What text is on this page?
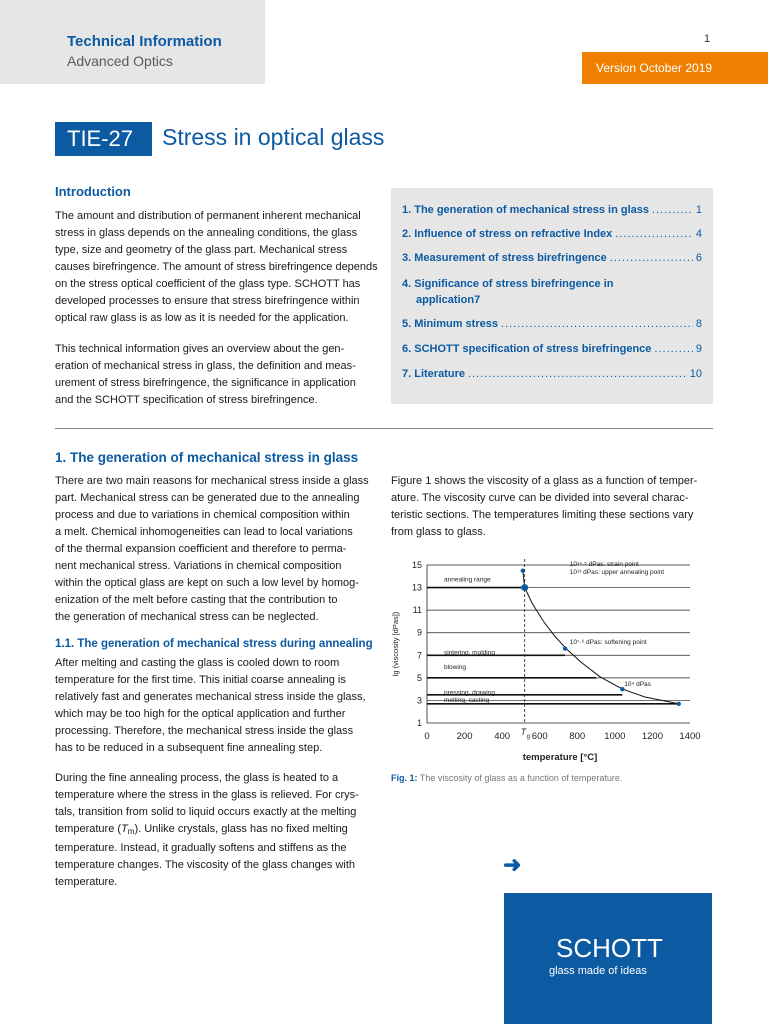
Technical Information
Advanced Optics
1
Version October 2019
TIE-27	Stress in optical glass
Introduction
The amount and distribution of permanent inherent mechanical
stress in glass depends on the annealing conditions, the glass
type, size and geometry of the glass part. Mechanical stress
causes birefringence. The amount of stress birefringence depends
on the stress optical coefficient of the glass type. SCHOTT has
developed processes to ensure that stress birefringence within
optical raw glass is as low as it is needed for the application.
This technical information gives an overview about the gen-
eration of mechanical stress in glass, the definition and meas-
urement of stress birefringence, the significance in application
and the SCHOTT specification of stress birefringence.
1. The generation of mechanical stress in glass .....	1
2. Influence of stress on refractive Index .....	4
3. Measurement of stress birefringence .....	6
4. Significance of stress birefringence in
application 7
5. Minimum stress .....	8
6. SCHOTT specification of stress birefringence .....	9
7. Literature .....	10
1. The generation of mechanical stress in glass
There are two main reasons for mechanical stress inside a glass
part. Mechanical stress can be generated due to the annealing
process and due to variations in chemical composition within
a melt. Chemical inhomogeneities can lead to local variations
of the thermal expansion coefficient and therefore to perma-
nent mechanical stress. Variations in chemical composition
within the optical glass are kept on such a low level by homog-
enization of the melt before casting that the contribution to
the generation of mechanical stress can be neglected.
1.1. The generation of mechanical stress during annealing
After melting and casting the glass is cooled down to room
temperature for the first time. This initial coarse annealing is
relatively fast and generates mechanical stress inside the glass,
which may be too high for the optical application and further
processing. Therefore, the mechanical stress inside the glass
has to be reduced in a subsequent fine annealing step.
During the fine annealing process, the glass is heated to a
temperature where the stress in the glass is relieved. For crys-
tals, transition from solid to liquid occurs exactly at the melting
temperature $(T_m)$. Unlike crystals, glass has no fixed melting
temperature. Instead, it gradually softens and stiffens as the
temperature changes. The viscosity of the glass changes with
temperature.
Figure 1 shows the viscosity of a glass as a function of temper-
ature. The viscosity curve can be divided into several charac-
teristic sections. The temperatures limiting these sections vary
from glass to glass.
1
3
5
7
9
11
13
15
0	200 400 600 800 1000 1200 1400
annealing range
sintering, molding
blowing
pressing, drawing
melting, casting
T g
10¹⁴·⁵ dPas: strain point
10¹³ dPas: upper annealing point
10⁷·⁶ dPas: softening point
10⁴ dPas
temperature [°C]
lg (viscosity [dPas])
Fig. 1: The viscosity of glass as a function of temperature.
➜
SCHOTT
glass made of ideas
